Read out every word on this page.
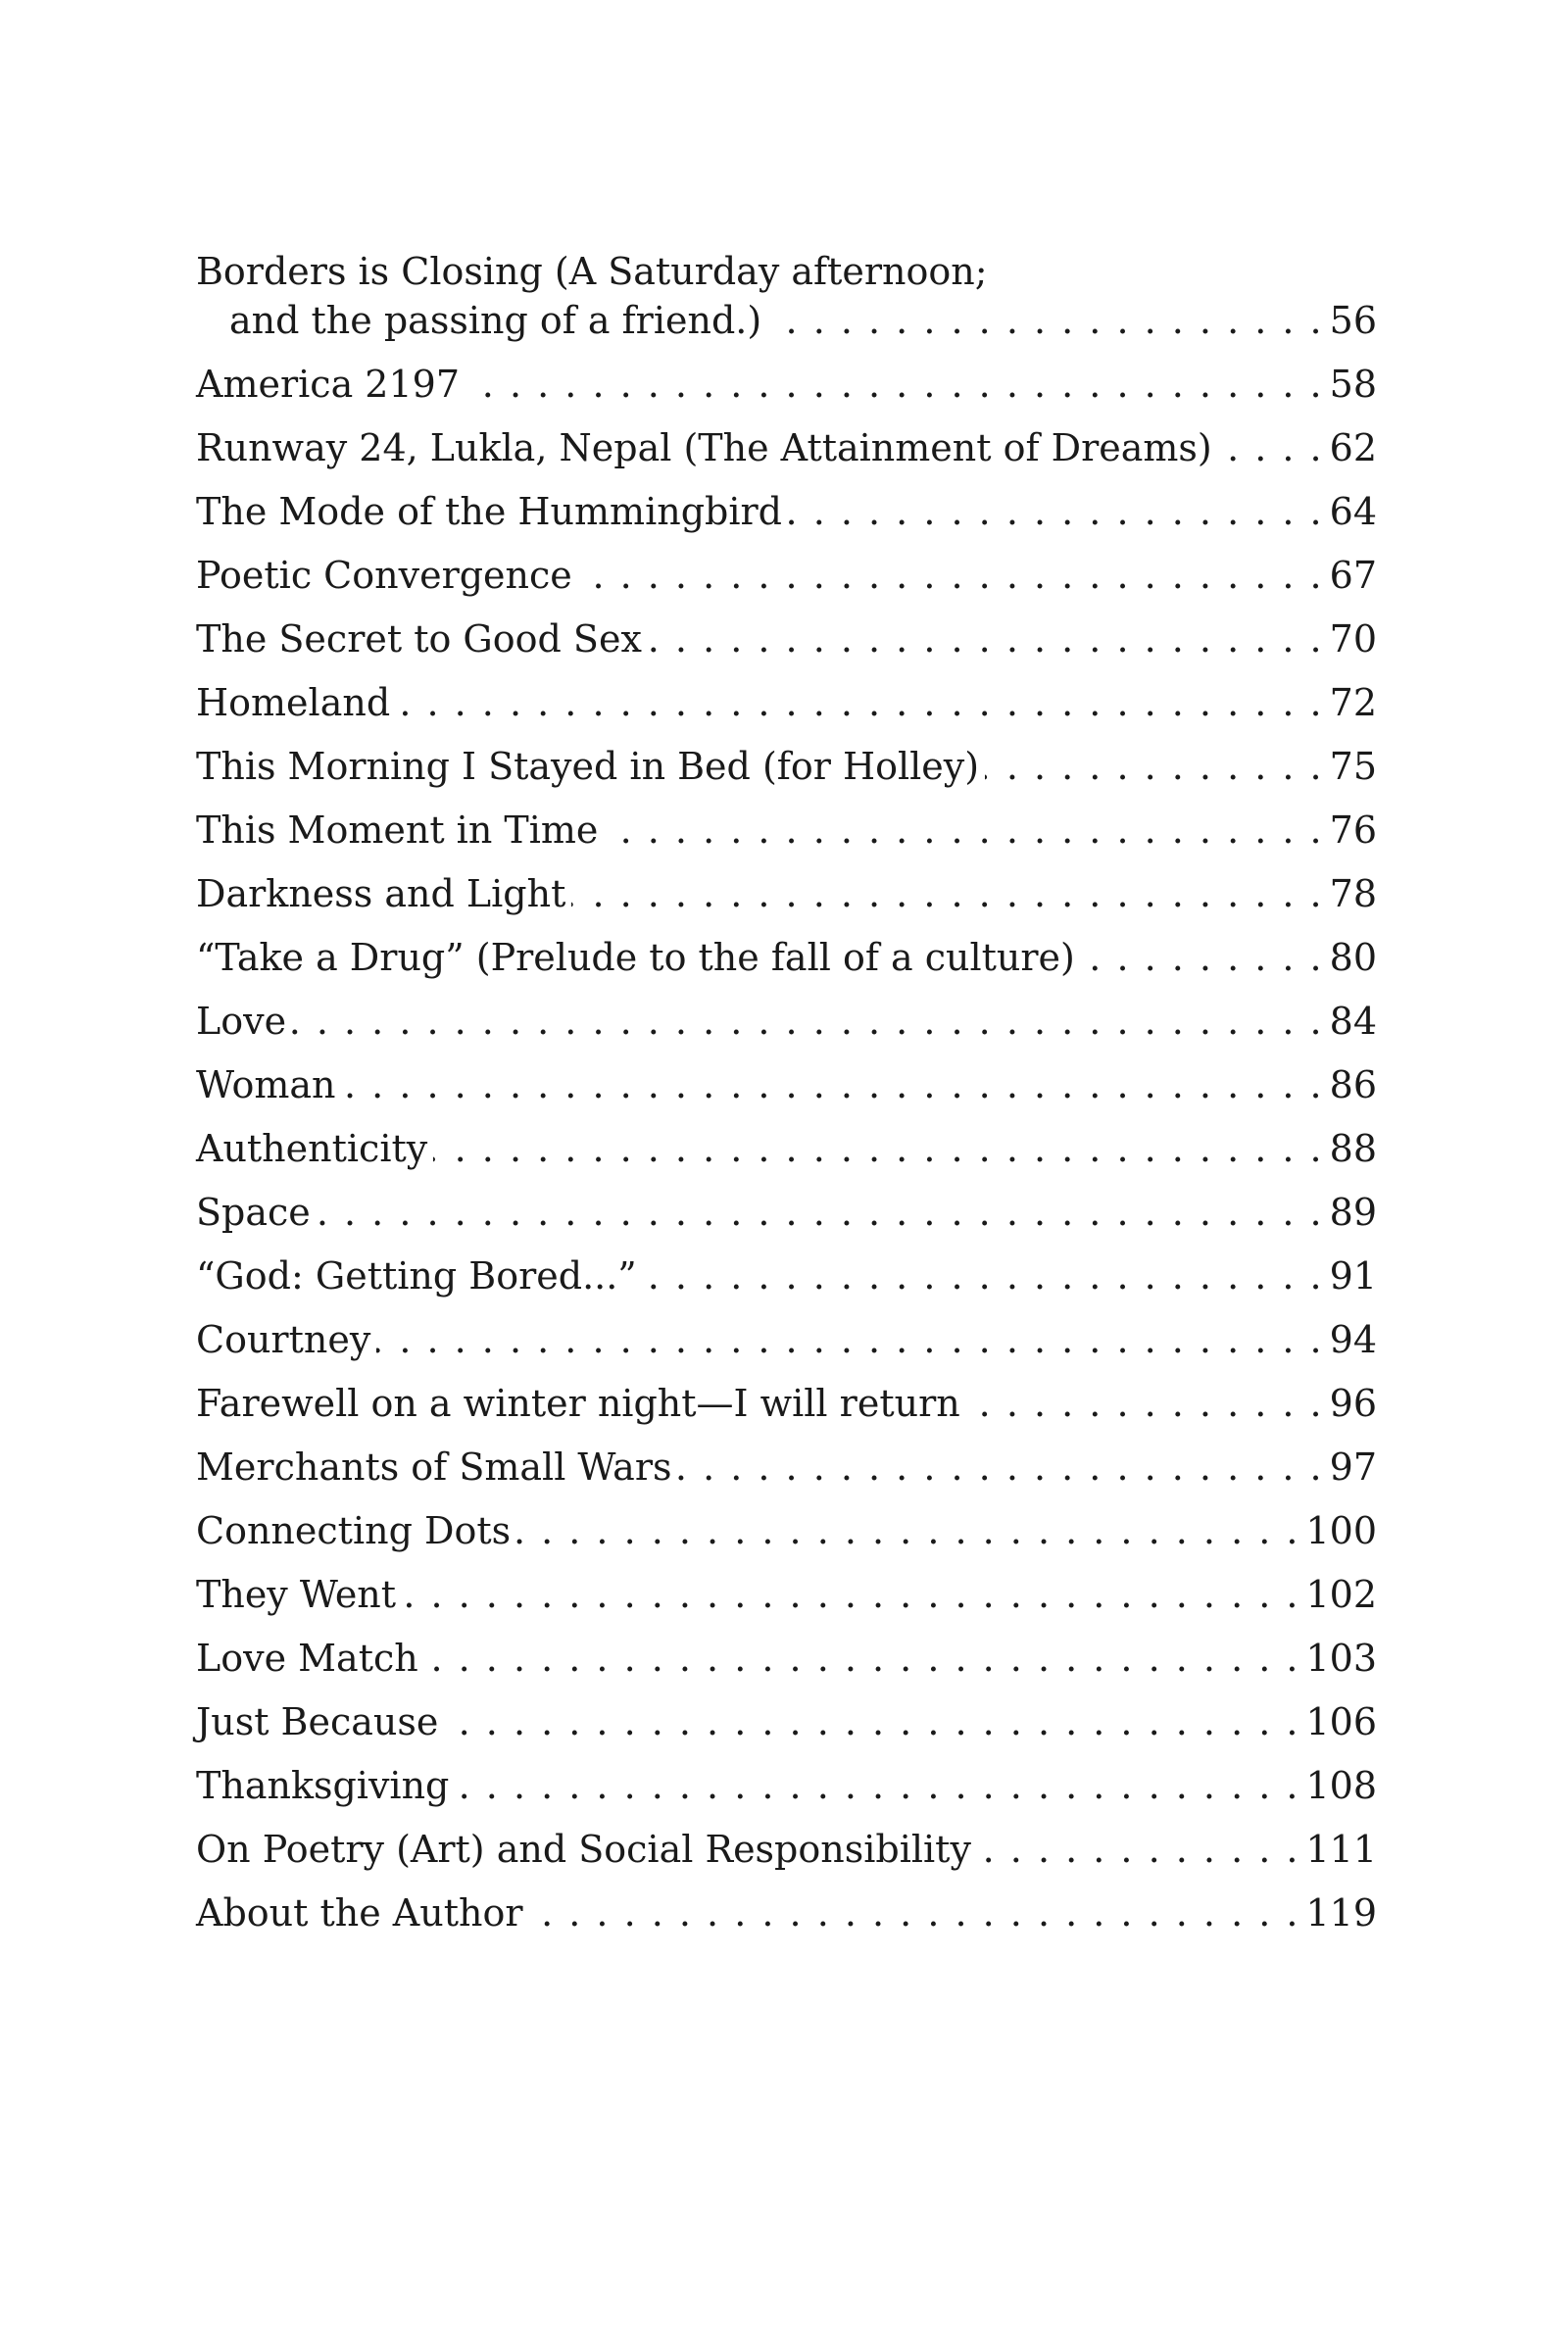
Borders is Closing (A Saturday afternoon;
and the passing of a friend.) . . .	56
America 2197 . . .	58
Runway 24, Lukla, Nepal (The Attainment of Dreams) . . .	62
The Mode of the Hummingbird . . .	64
Poetic Convergence . . .	67
The Secret to Good Sex . . .	70
Homeland . . .	72
This Morning I Stayed in Bed (for Holley) . . .	75
This Moment in Time . . .	76
Darkness and Light . . .	78
“Take a Drug” (Prelude to the fall of a culture) . . .	80
Love . . .	84
Woman . . .	86
Authenticity . . .	88
Space . . .	89
“God: Getting Bored...” . . .	91
Courtney . . .	94
Farewell on a winter night—I will return . . .	96
Merchants of Small Wars . . .	97
Connecting Dots . . .	100
They Went . . .	102
Love Match . . .	103
Just Because . . .	106
Thanksgiving . . .	108
On Poetry (Art) and Social Responsibility . . .	111
About the Author . . .	119
